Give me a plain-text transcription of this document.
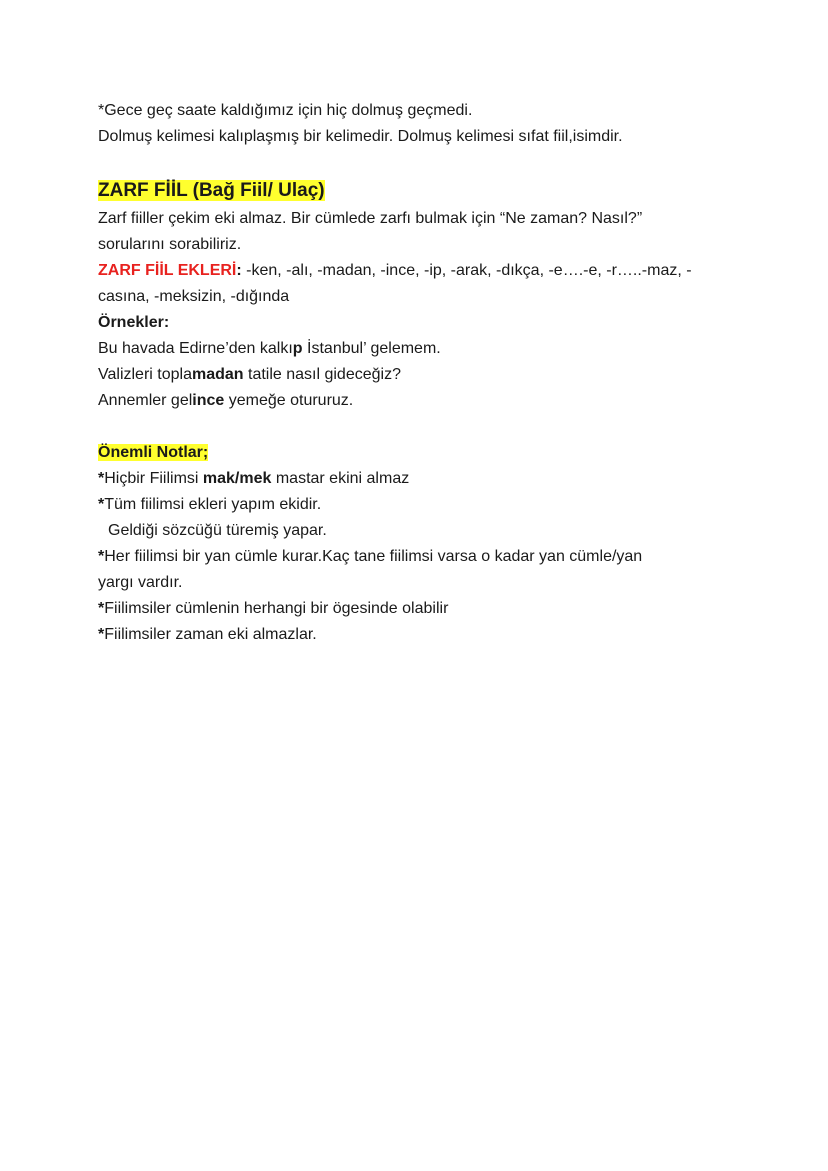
*Gece geç saate kaldığımız için hiç dolmuş geçmedi.
Dolmuş kelimesi kalıplaşmış bir kelimedir. Dolmuş kelimesi sıfat fiil,isimdir.
ZARF FİİL (Bağ Fiil/ Ulaç)
Zarf fiiller çekim eki almaz. Bir cümlede zarfı bulmak için “Ne zaman? Nasıl?”
sorularını sorabiliriz.
ZARF FİİL EKLERİ: -ken, -alı, -madan, -ince, -ip, -arak, -dıkça, -e….-e, -r…..-maz, -
casına, -meksizin, -dığında
Örnekler:
Bu havada Edirne’den kalkıp İstanbul’ gelemem.
Valizleri toplamadan tatile nasıl gideceğiz?
Annemler gelince yemeğe otururuz.
Önemli Notlar;
*Hiçbir Fiilimsi mak/mek mastar ekini almaz
*Tüm fiilimsi ekleri yapım ekidir.
Geldiği sözcüğü türemiş yapar.
*Her fiilimsi bir yan cümle kurar.Kaç tane fiilimsi varsa o kadar yan cümle/yan
yargı vardır.
*Fiilimsiler cümlenin herhangi bir ögesinde olabilir
*Fiilimsiler zaman eki almazlar.
